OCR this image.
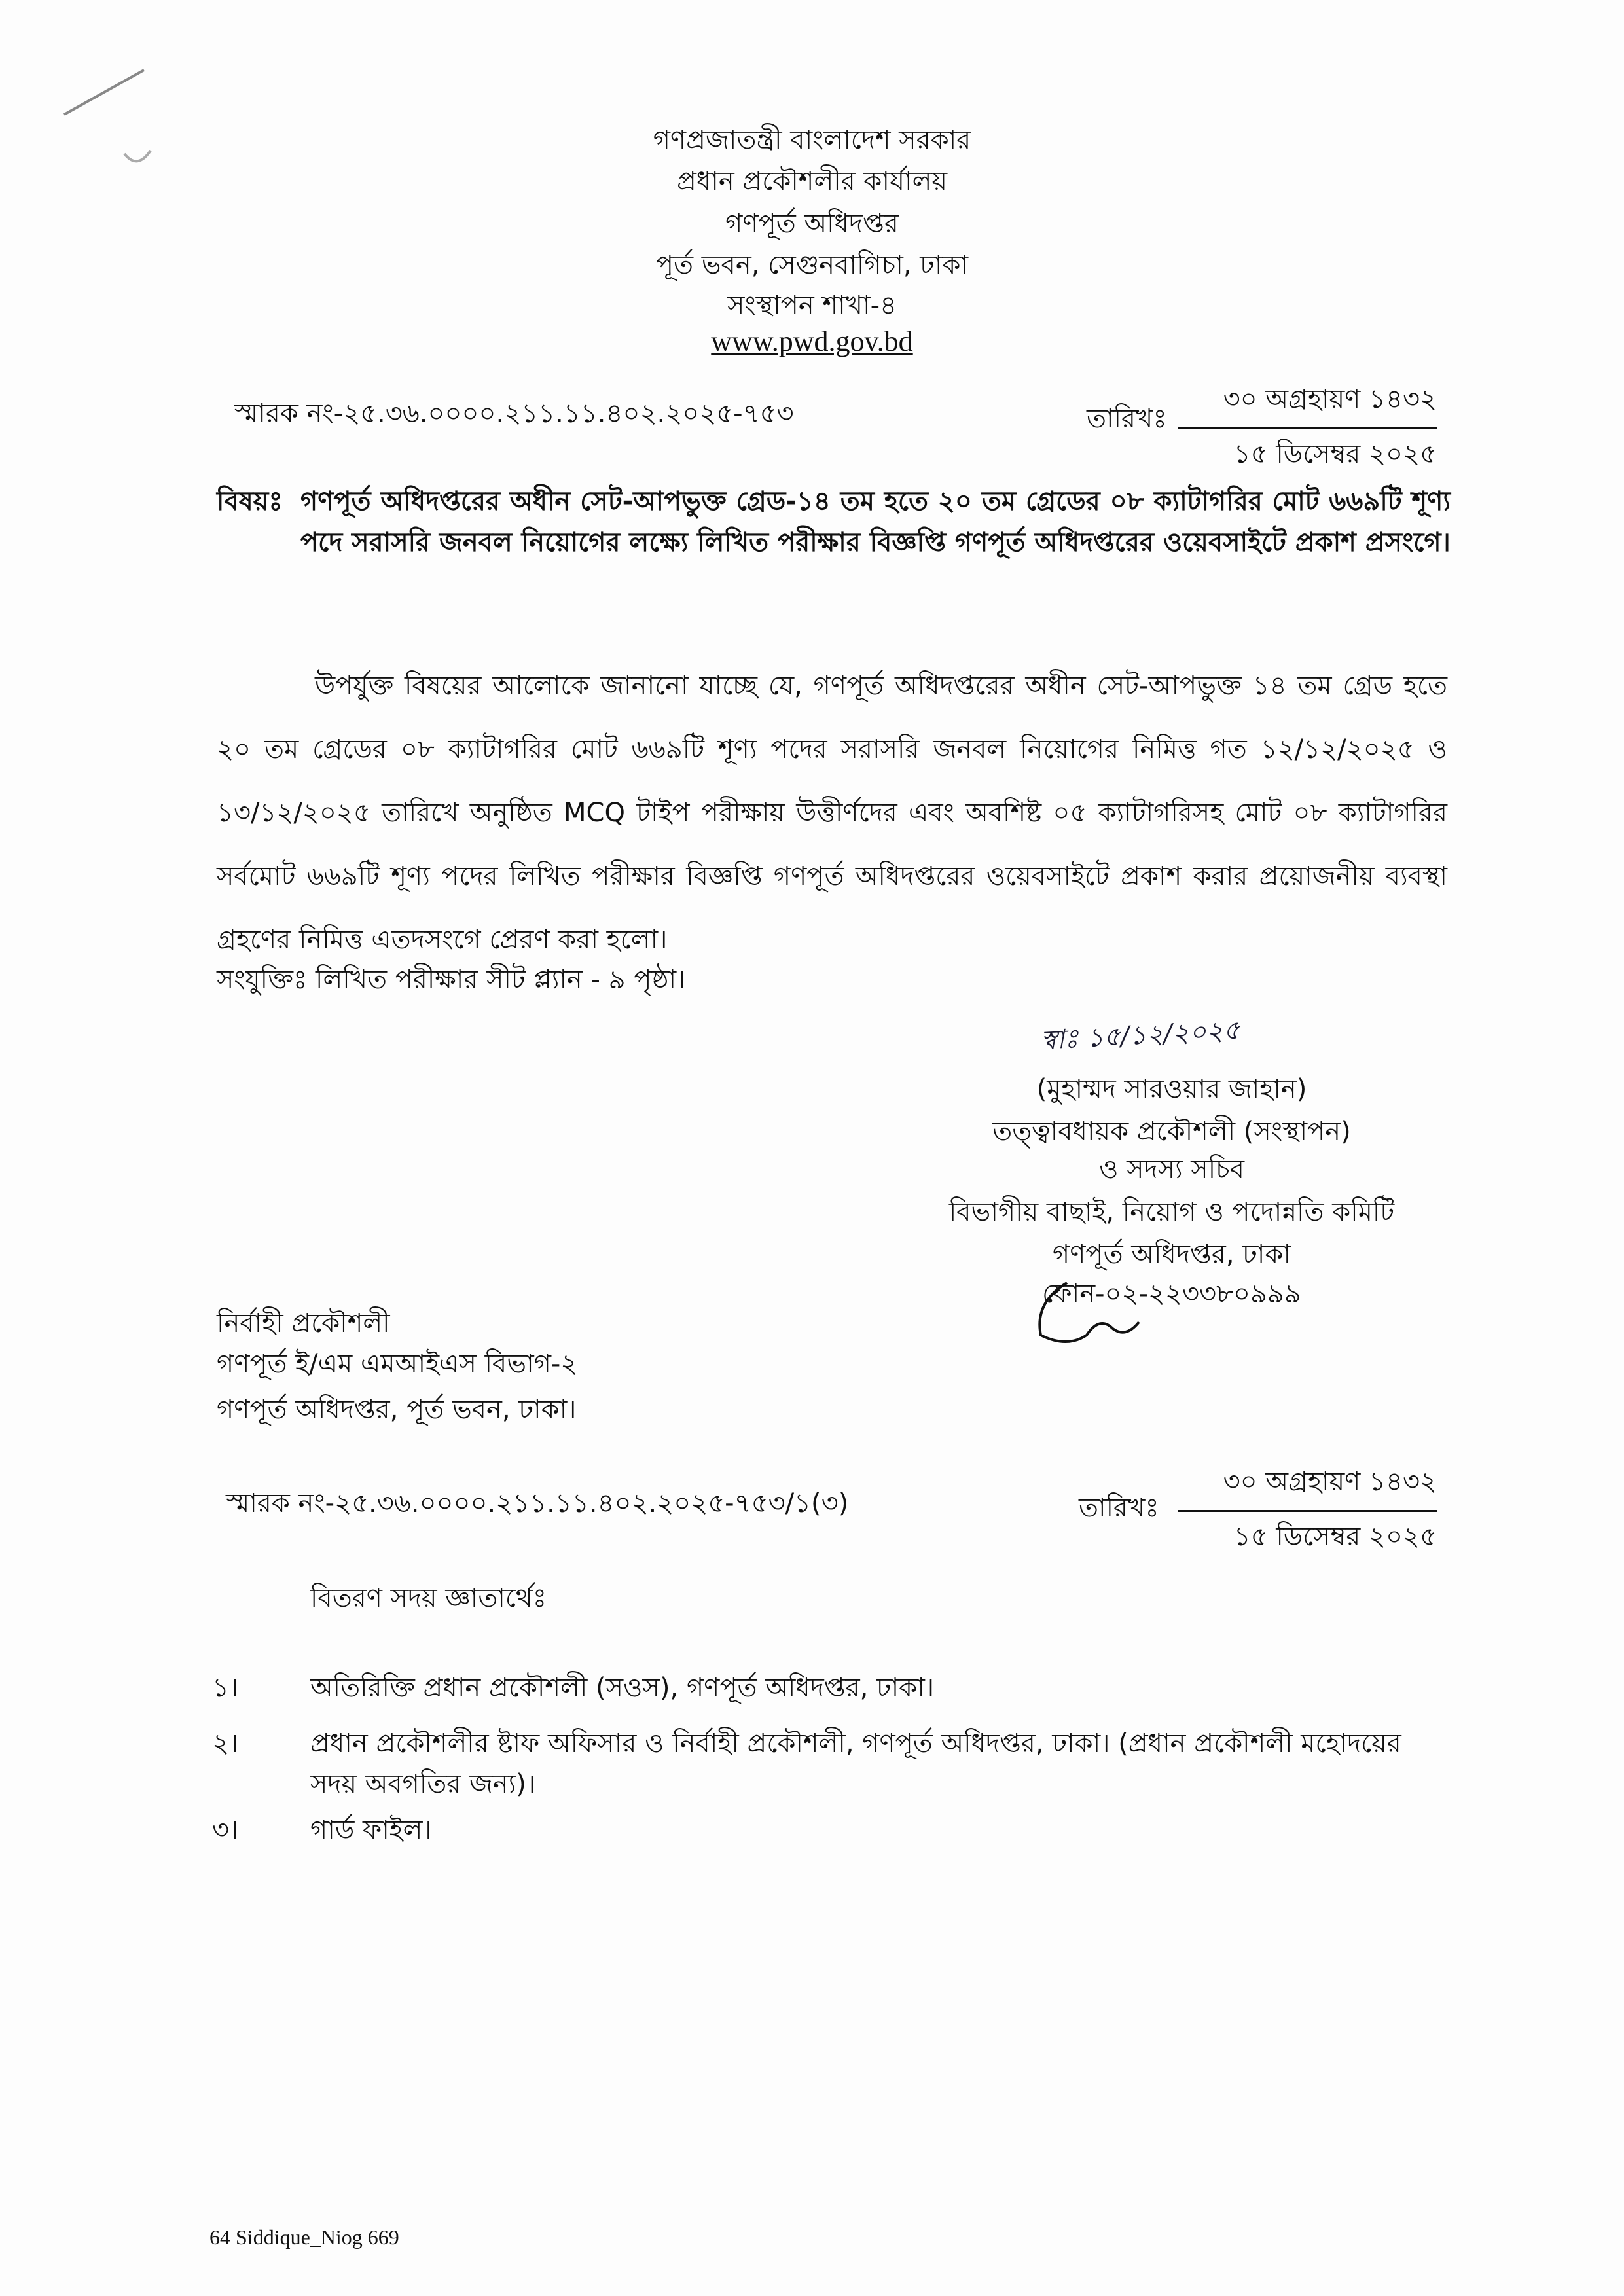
গণপ্রজাতন্ত্রী বাংলাদেশ সরকার
প্রধান প্রকৌশলীর কার্যালয়
গণপূর্ত অধিদপ্তর
পূর্ত ভবন, সেগুনবাগিচা, ঢাকা
সংস্থাপন শাখা-৪
www.pwd.gov.bd
স্মারক নং-২৫.৩৬.০০০০.২১১.১১.৪০২.২০২৫-৭৫৩	তারিখঃ
৩০ অগ্রহায়ণ ১৪৩২
১৫ ডিসেম্বর ২০২৫
বিষয়ঃ গণপূর্ত অধিদপ্তরের অধীন সেট-আপভুক্ত গ্রেড-১৪ তম হতে ২০ তম গ্রেডের ০৮ ক্যাটাগরির মোট ৬৬৯টি শূণ্য পদে সরাসরি জনবল নিয়োগের লক্ষ্যে লিখিত পরীক্ষার বিজ্ঞপ্তি গণপূর্ত অধিদপ্তরের ওয়েবসাইটে প্রকাশ প্রসংগে।
উপর্যুক্ত বিষয়ের আলোকে জানানো যাচ্ছে যে, গণপূর্ত অধিদপ্তরের অধীন সেট-আপভুক্ত ১৪ তম গ্রেড হতে ২০ তম গ্রেডের ০৮ ক্যাটাগরির মোট ৬৬৯টি শূণ্য পদের সরাসরি জনবল নিয়োগের নিমিত্ত গত ১২/১২/২০২৫ ও ১৩/১২/২০২৫ তারিখে অনুষ্ঠিত MCQ টাইপ পরীক্ষায় উত্তীর্ণদের এবং অবশিষ্ট ০৫ ক্যাটাগরিসহ মোট ০৮ ক্যাটাগরির সর্বমোট ৬৬৯টি শূণ্য পদের লিখিত পরীক্ষার বিজ্ঞপ্তি গণপূর্ত অধিদপ্তরের ওয়েবসাইটে প্রকাশ করার প্রয়োজনীয় ব্যবস্থা গ্রহণের নিমিত্ত এতদসংগে প্রেরণ করা হলো।
সংযুক্তিঃ লিখিত পরীক্ষার সীট প্ল্যান - ৯ পৃষ্ঠা।
স্বাঃ ১৫/১২/২০২৫
(মুহাম্মদ সারওয়ার জাহান)
তত্ত্বাবধায়ক প্রকৌশলী (সংস্থাপন)
ও সদস্য সচিব
বিভাগীয় বাছাই, নিয়োগ ও পদোন্নতি কমিটি
গণপূর্ত অধিদপ্তর, ঢাকা
ফোন-০২-২২৩৩৮০৯৯৯
নির্বাহী প্রকৌশলী
গণপূর্ত ই/এম এমআইএস বিভাগ-২
গণপূর্ত অধিদপ্তর, পূর্ত ভবন, ঢাকা।
স্মারক নং-২৫.৩৬.০০০০.২১১.১১.৪০২.২০২৫-৭৫৩/১(৩)	তারিখঃ
৩০ অগ্রহায়ণ ১৪৩২
১৫ ডিসেম্বর ২০২৫
বিতরণ সদয় জ্ঞাতার্থেঃ
১।	অতিরিক্তি প্রধান প্রকৌশলী (সওস), গণপূর্ত অধিদপ্তর, ঢাকা।
২।	প্রধান প্রকৌশলীর ষ্টাফ অফিসার ও নির্বাহী প্রকৌশলী, গণপূর্ত অধিদপ্তর, ঢাকা। (প্রধান প্রকৌশলী মহোদয়ের
সদয় অবগতির জন্য)।
৩।	গার্ড ফাইল।
64 Siddique_Niog 669
